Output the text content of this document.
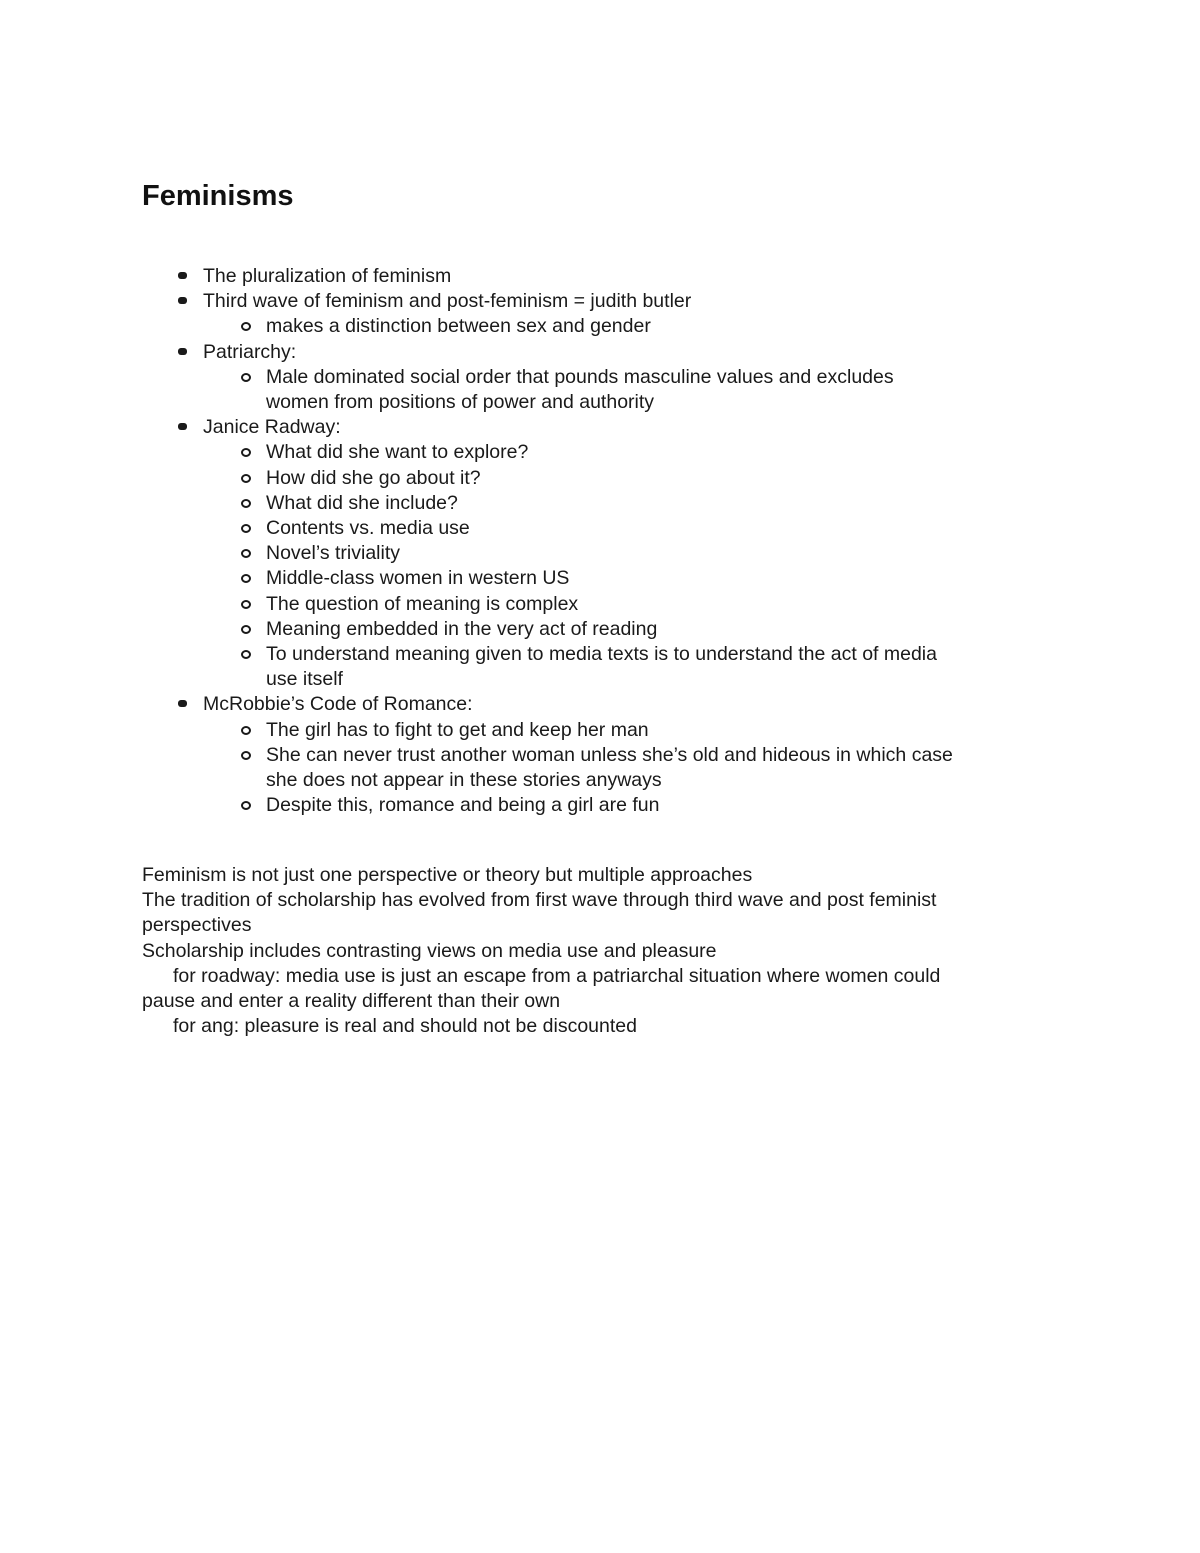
Feminisms
The pluralization of feminism
Third wave of feminism and post-feminism = judith butler
makes a distinction between sex and gender
Patriarchy:
Male dominated social order that pounds masculine values and excludes
women from positions of power and authority
Janice Radway:
What did she want to explore?
How did she go about it?
What did she include?
Contents vs. media use
Novel’s triviality
Middle-class women in western US
The question of meaning is complex
Meaning embedded in the very act of reading
To understand meaning given to media texts is to understand the act of media
use itself
McRobbie’s Code of Romance:
The girl has to fight to get and keep her man
She can never trust another woman unless she’s old and hideous in which case
she does not appear in these stories anyways
Despite this, romance and being a girl are fun
Feminism is not just one perspective or theory but multiple approaches
The tradition of scholarship has evolved from first wave through third wave and post feminist
perspectives
Scholarship includes contrasting views on media use and pleasure
for roadway: media use is just an escape from a patriarchal situation where women could
pause and enter a reality different than their own
for ang: pleasure is real and should not be discounted
